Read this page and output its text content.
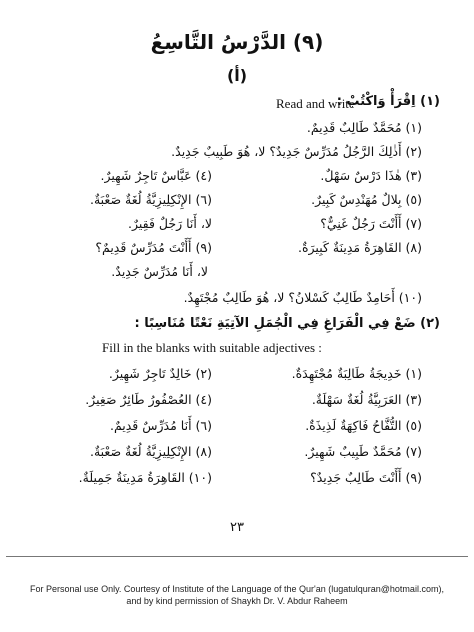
(٩) الدَّرْسُ التَّاسِعُ
(أ)
(١) اِقْرَأْ وَاكْتُبْ :
Read and write
(١) مُحَمَّدٌ طَالِبٌ قَدِيمٌ.
(٢) أَذٰلِكَ الرَّجُلُ مُدَرِّسٌ جَدِيدٌ؟ لا، هُوَ طَبِيبٌ جَدِيدٌ.
(٣) هٰذَا دَرْسٌ سَهْلٌ.
(٤) عَبَّاسٌ تَاجِرٌ شَهِيرٌ.
(٥) بِلالٌ مُهَنْدِسٌ كَبِيرٌ.
(٦) الإِنْكِلِيزِيَّةُ لُغَةٌ صَعْبَةٌ.
(٧) أَأَنْتَ رَجُلٌ غَنِيٌّ؟
لا، أَنَا رَجُلٌ فَقِيرٌ.
(٨) القَاهِرَةُ مَدِينَةٌ كَبِيرَةٌ.
(٩) أَأَنْتَ مُدَرِّسٌ قَدِيمٌ؟
لا، أَنَا مُدَرِّسٌ جَدِيدٌ.
(١٠) أَحَامِدٌ طَالِبٌ كَسْلانُ؟ لا، هُوَ طَالِبٌ مُجْتَهِدٌ.
(٢) ضَعْ فِي الْفَرَاغِ فِي الْجُمَلِ الآتِيَةِ نَعْتًا مُنَاسِبًا :
Fill in the blanks with suitable adjectives :
(١) خَدِيجَةُ طَالِبَةٌ مُجْتَهِدَةٌ.
(٢) خَالِدٌ تَاجِرٌ شَهِيرٌ.
(٣) العَرَبِيَّةُ لُغَةٌ سَهْلَةٌ.
(٤) العُصْفُورُ طَائِرٌ صَغِيرٌ.
(٥) التُّفَّاحُ فَاكِهَةٌ لَذِيذَةٌ.
(٦) أَنَا مُدَرِّسٌ قَدِيمٌ.
(٧) مُحَمَّدٌ طَبِيبٌ شَهِيرٌ.
(٨) الإِنْكِلِيزِيَّةُ لُغَةٌ صَعْبَةٌ.
(٩) أَأَنْتَ طَالِبٌ جَدِيدٌ؟
(١٠) القَاهِرَةُ مَدِينَةٌ جَمِيلَةٌ.
٢٣
For Personal use Only. Courtesy of Institute of the Language of the Qur'an (lugatulquran@hotmail.com),
and by kind permission of Shaykh Dr. V. Abdur Raheem
